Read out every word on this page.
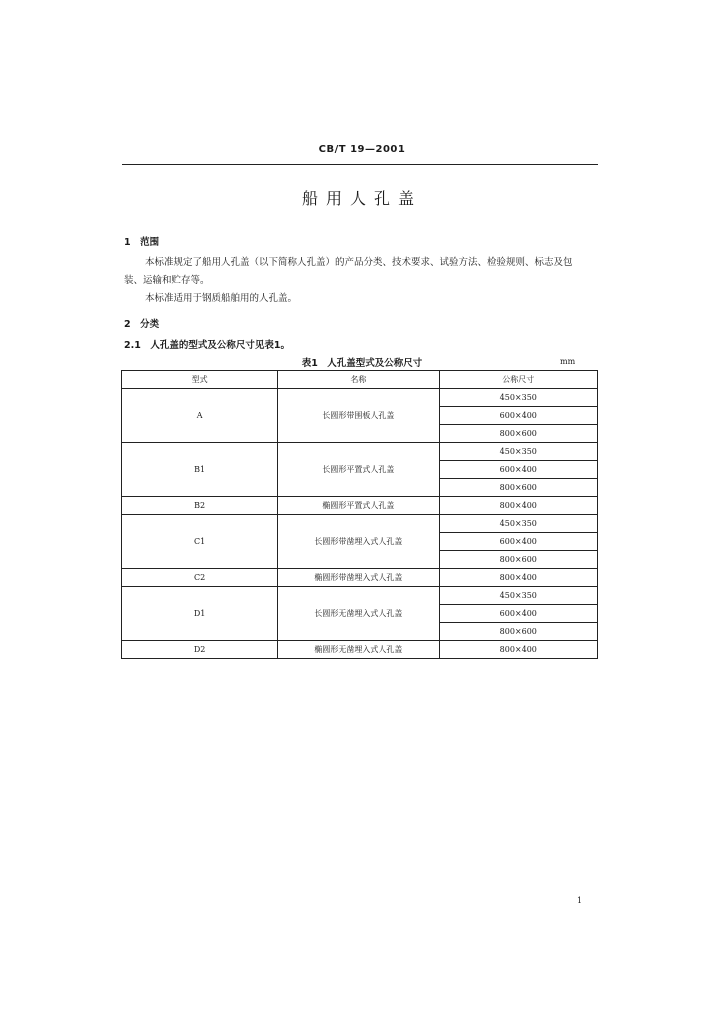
CB/T 19—2001
船用人孔盖
1　范围
本标准规定了船用人孔盖（以下简称人孔盖）的产品分类、技术要求、试验方法、检验规则、标志及包装、运输和贮存等。
本标准适用于钢质船舶用的人孔盖。
2　分类
2.1　人孔盖的型式及公称尺寸见表1。
表1　人孔盖型式及公称尺寸	mm
型式	名称	公称尺寸
A	长圆形带围板人孔盖	450×350
		600×400
		800×600
B1	长圆形平置式人孔盖	450×350
		600×400
		800×600
B2	椭圆形平置式人孔盖	800×400
C1	长圆形带凿埋入式人孔盖	450×350
		600×400
		800×600
C2	椭圆形带凿埋入式人孔盖	800×400
D1	长圆形无凿埋入式人孔盖	450×350
		600×400
		800×600
D2	椭圆形无凿埋入式人孔盖	800×400
1
